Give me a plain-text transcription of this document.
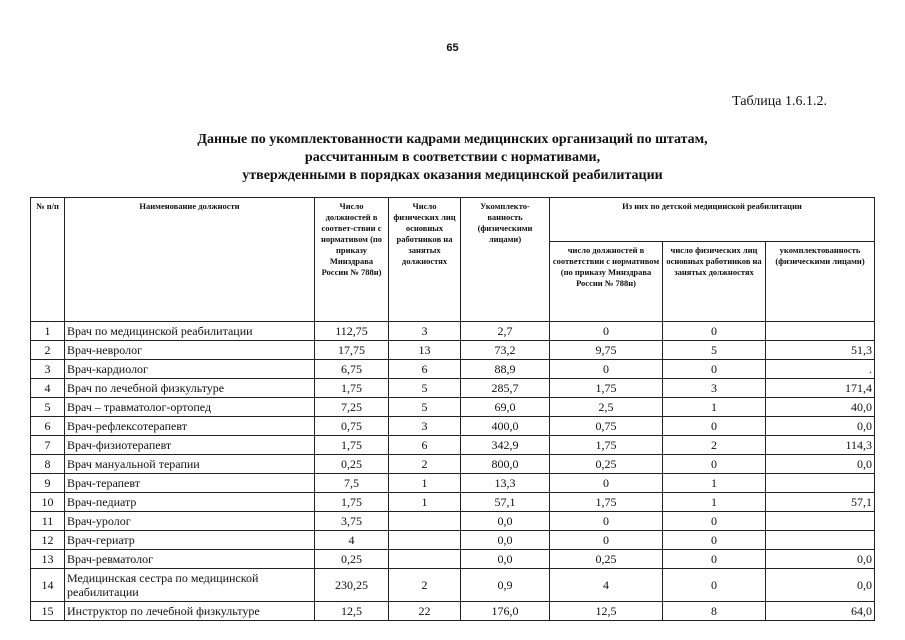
65
Таблица 1.6.1.2.
Данные по укомплектованности кадрами медицинских организаций по штатам,
рассчитанным в соответствии с нормативами,
утвержденными в порядках оказания медицинской реабилитации
№ п/п	Наименование должности	Число должностей в соответ-ствии с нормативом (по приказу Минздрава России № 788н)	Число физических лиц основных работников на занятых должностях	Укомплекто-ванность (физическими лицами)	Из них по детской медицинской реабилитации		
					число должностей в соответствии с нормативом (по приказу Минздрава России № 788н)	число физических лиц основных работников на занятых должностях	укомплектованность (физическими лицами)
1	Врач по медицинской реабилитации	112,75	3	2,7	0	0	
2	Врач-невролог	17,75	13	73,2	9,75	5	51,3
3	Врач-кардиолог	6,75	6	88,9	0	0	.
4	Врач по лечебной физкультуре	1,75	5	285,7	1,75	3	171,4
5	Врач – травматолог-ортопед	7,25	5	69,0	2,5	1	40,0
6	Врач-рефлексотерапевт	0,75	3	400,0	0,75	0	0,0
7	Врач-физиотерапевт	1,75	6	342,9	1,75	2	114,3
8	Врач мануальной терапии	0,25	2	800,0	0,25	0	0,0
9	Врач-терапевт	7,5	1	13,3	0	1	
10	Врач-педиатр	1,75	1	57,1	1,75	1	57,1
11	Врач-уролог	3,75		0,0	0	0	
12	Врач-гериатр	4		0,0	0	0	
13	Врач-ревматолог	0,25		0,0	0,25	0	0,0
14	Медицинская сестра по медицинской реабилитации	230,25	2	0,9	4	0	0,0
15	Инструктор по лечебной физкультуре	12,5	22	176,0	12,5	8	64,0
